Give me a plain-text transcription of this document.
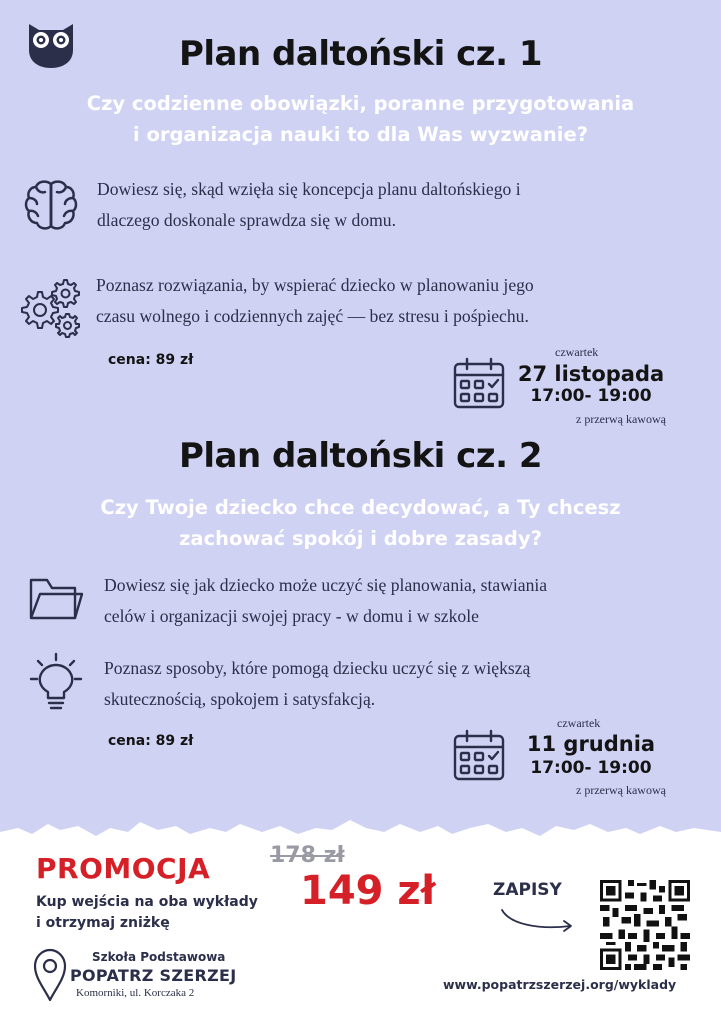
Plan daltoński cz. 1
Czy codzienne obowiązki, poranne przygotowania
i organizacja nauki to dla Was wyzwanie?
Dowiesz się, skąd wzięła się koncepcja planu daltońskiego i
dlaczego doskonale sprawdza się w domu.
Poznasz rozwiązania, by wspierać dziecko w planowaniu jego
czasu wolnego i codziennych zajęć — bez stresu i pośpiechu.
cena: 89 zł	czwartek
27 listopada
17:00- 19:00
z przerwą kawową
Plan daltoński cz. 2
Czy Twoje dziecko chce decydować, a Ty chcesz
zachować spokój i dobre zasady?
Dowiesz się jak dziecko może uczyć się planowania, stawiania
celów i organizacji swojej pracy - w domu i w szkole
Poznasz sposoby, które pomogą dziecku uczyć się z większą
skutecznością, spokojem i satysfakcją.
cena: 89 zł
czwartek
11 grudnia
17:00- 19:00
z przerwą kawową
PROMOCJA
Kup wejścia na oba wykłady
i otrzymaj zniżkę
178 zł
149 zł	ZAPISY
Szkoła Podstawowa
POPATRZ SZERZEJ
Komorniki, ul. Korczaka 2
www.popatrzszerzej.org/wyklady
